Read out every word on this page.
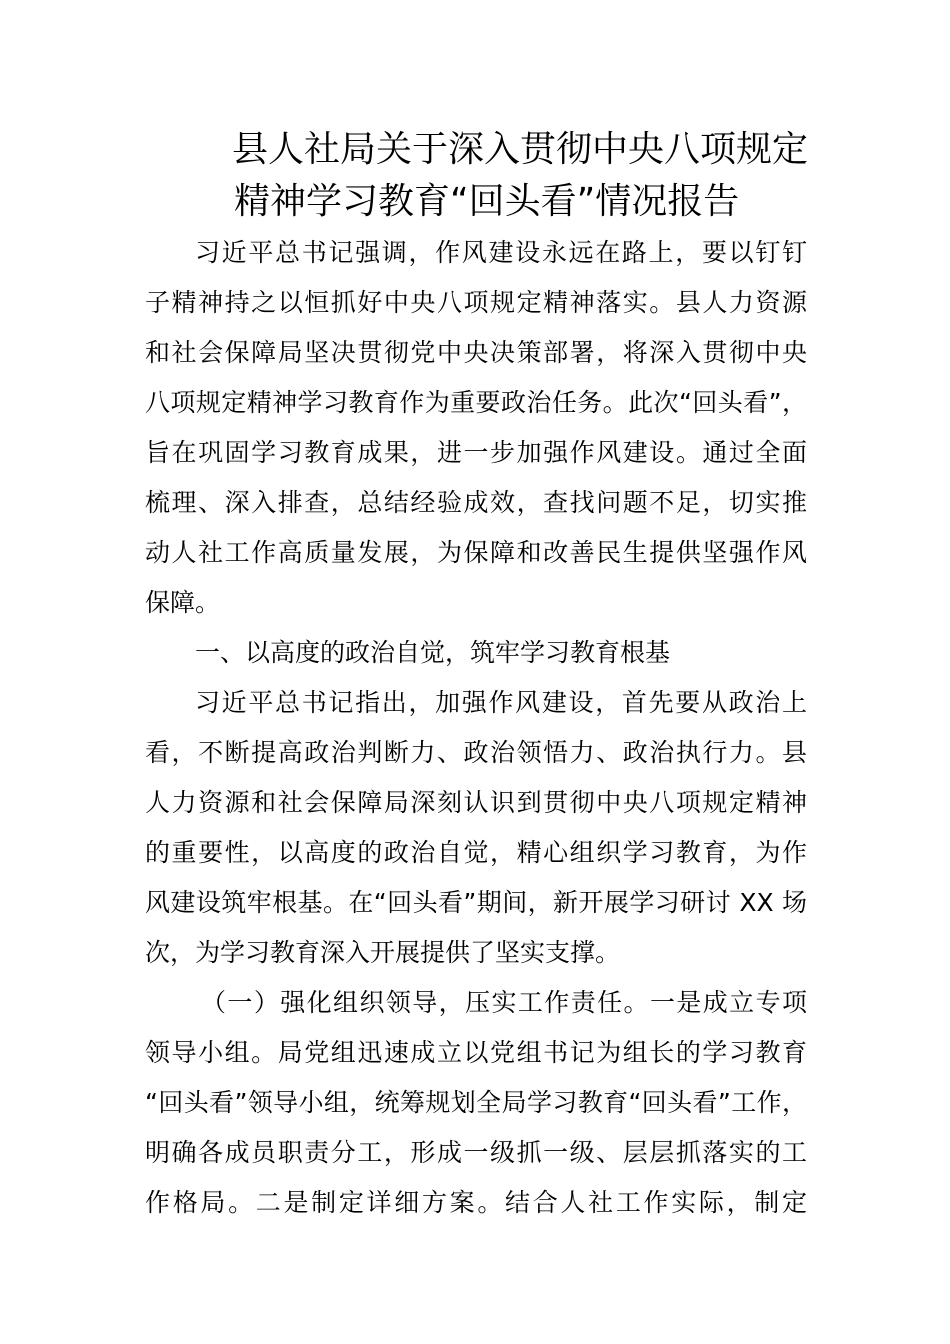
县人社局关于深入贯彻中央八项规定
精神学习教育“回头看”情况报告
习近平总书记强调，作风建设永远在路上，要以钉钉
子精神持之以恒抓好中央八项规定精神落实。县人力资源
和社会保障局坚决贯彻党中央决策部署，将深入贯彻中央
八项规定精神学习教育作为重要政治任务。此次“回头看”，
旨在巩固学习教育成果，进一步加强作风建设。通过全面
梳理、深入排查，总结经验成效，查找问题不足，切实推
动人社工作高质量发展，为保障和改善民生提供坚强作风
保障。
一、以高度的政治自觉，筑牢学习教育根基
习近平总书记指出，加强作风建设，首先要从政治上
看，不断提高政治判断力、政治领悟力、政治执行力。县
人力资源和社会保障局深刻认识到贯彻中央八项规定精神
的重要性，以高度的政治自觉，精心组织学习教育，为作
风建设筑牢根基。在“回头看”期间，新开展学习研讨 XX 场
次，为学习教育深入开展提供了坚实支撑。
（一）强化组织领导，压实工作责任。一是成立专项
领导小组。局党组迅速成立以党组书记为组长的学习教育
“回头看”领导小组，统筹规划全局学习教育“回头看”工作，
明确各成员职责分工，形成一级抓一级、层层抓落实的工
作格局。二是制定详细方案。结合人社工作实际，制定
